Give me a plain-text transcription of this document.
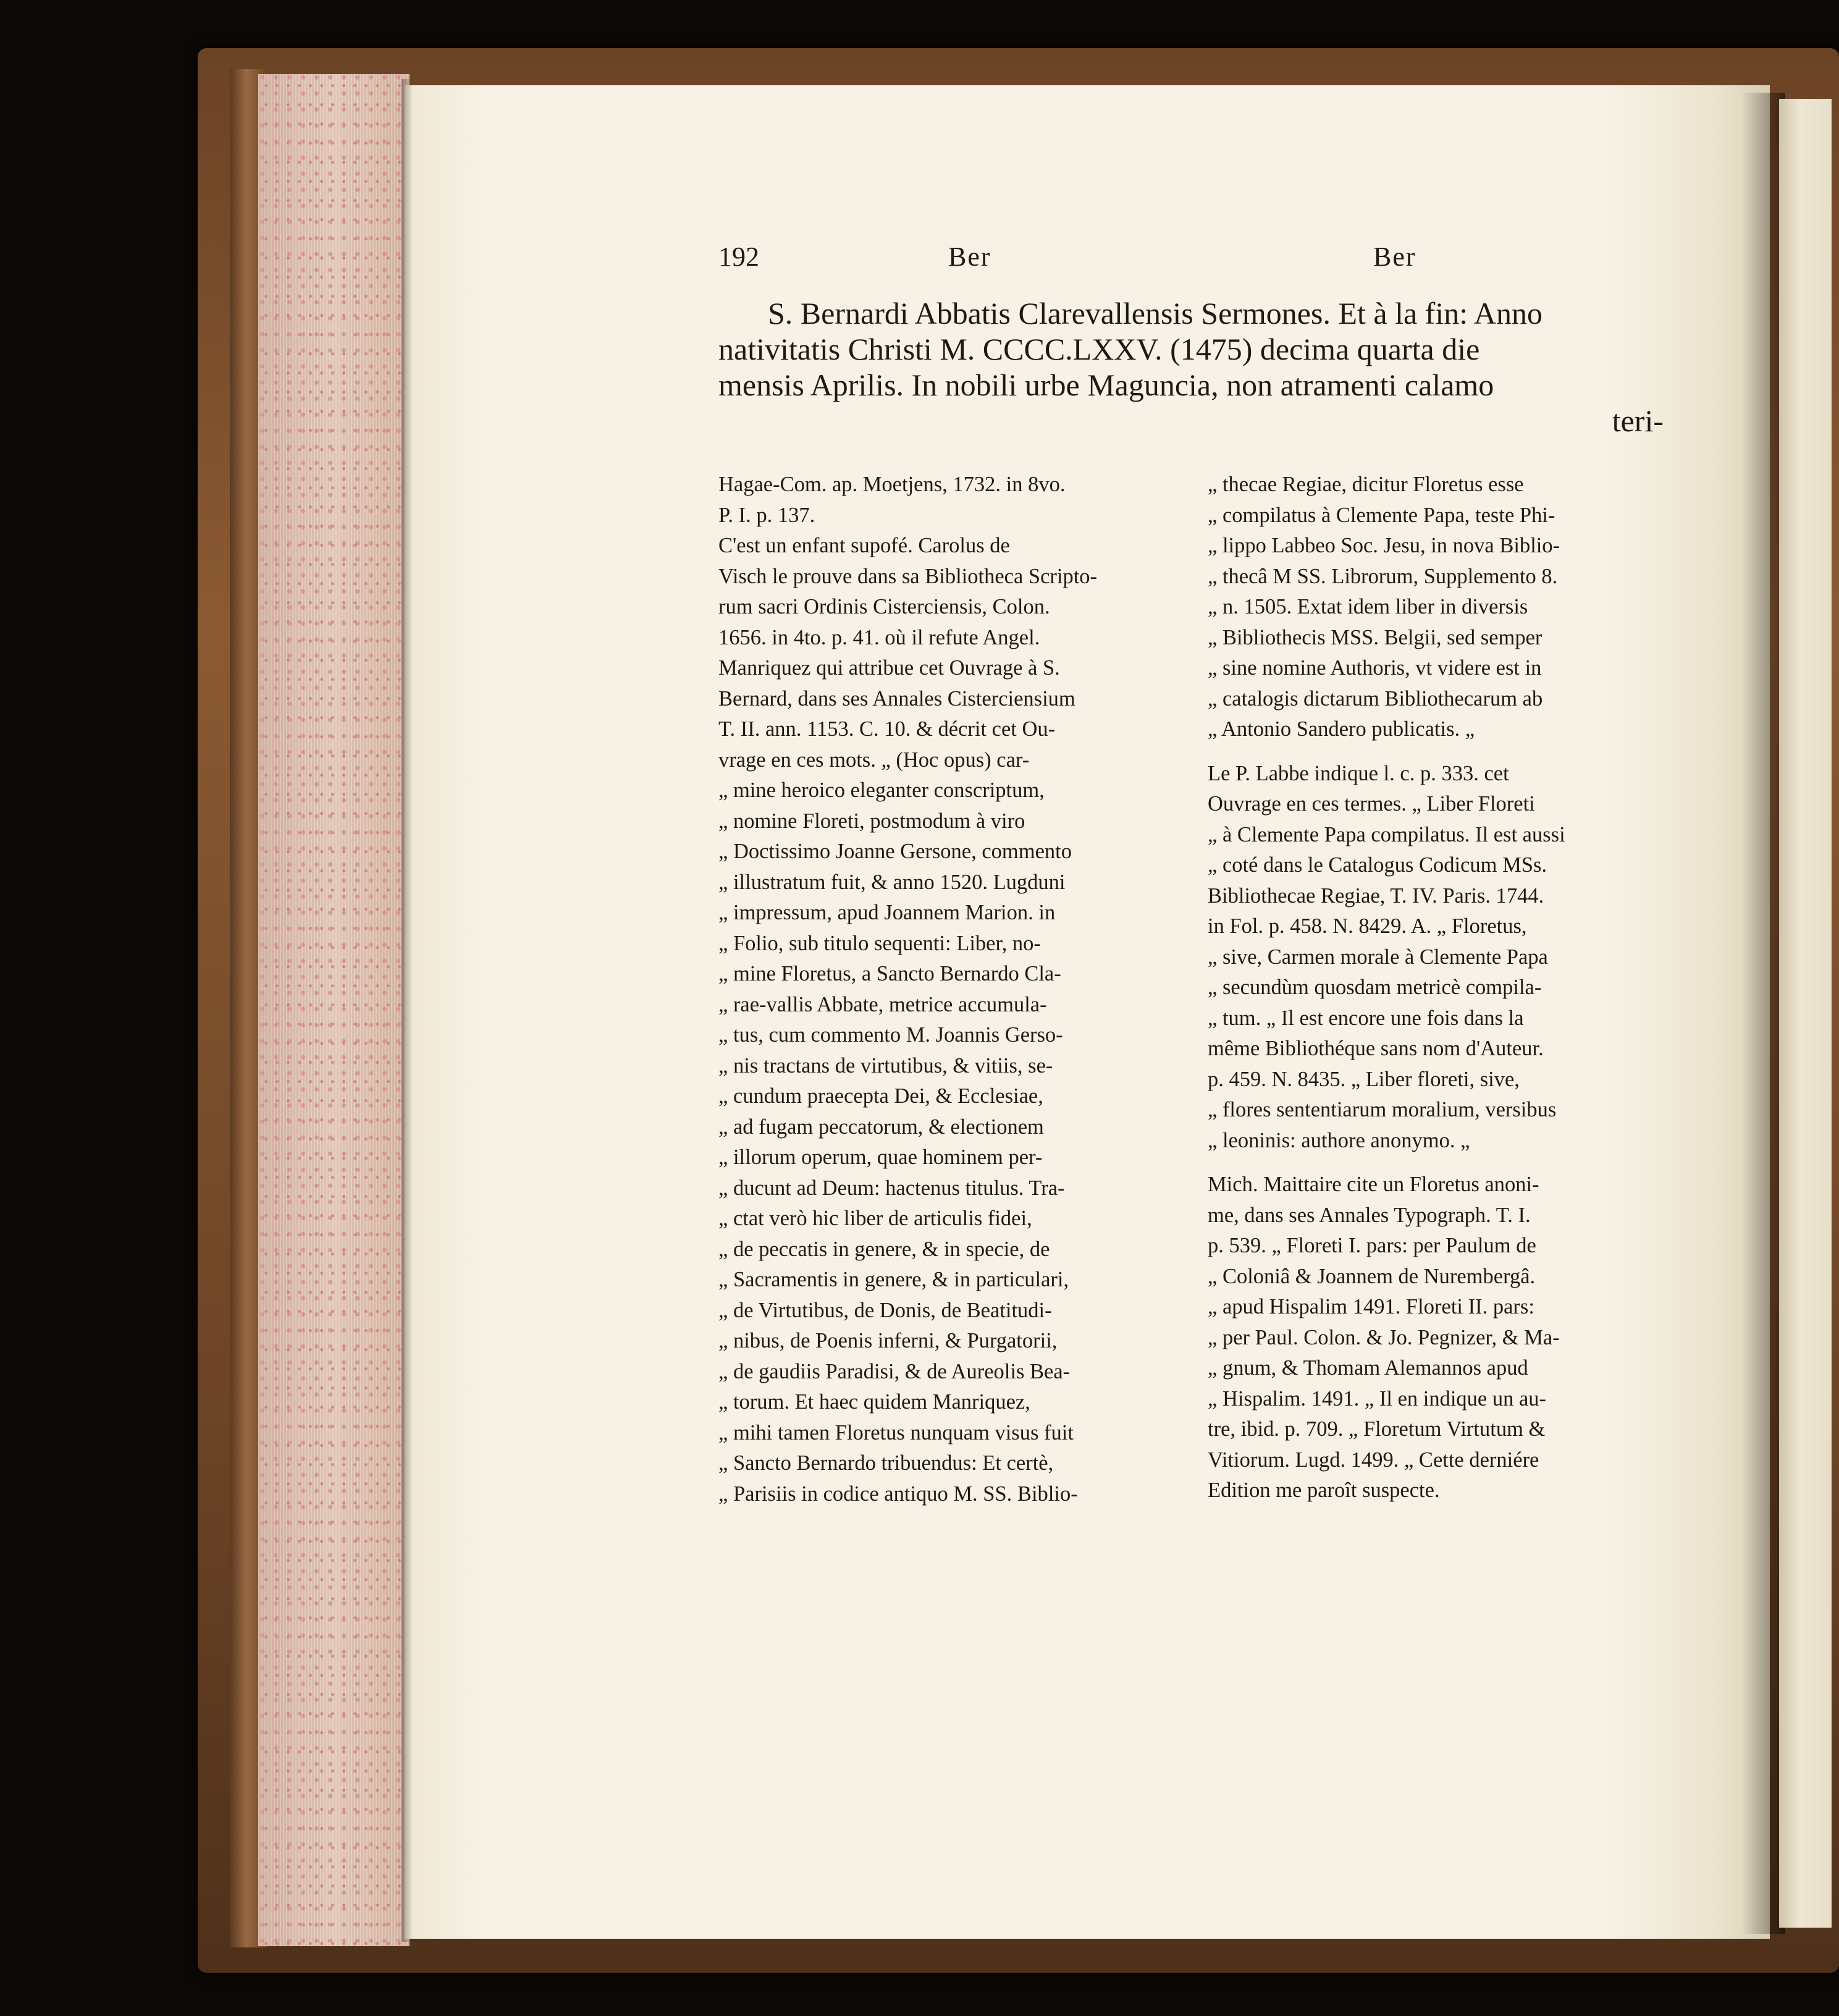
192	Ber	Ber
S. Bernardi Abbatis Clarevallensis Sermones. Et à la fin: Anno
nativitatis Christi M. CCCC.LXXV. (1475) decima quarta die
mensis Aprilis. In nobili urbe Maguncia, non atramenti calamo
teri-
Hagae-Com. ap. Moetjens, 1732. in 8vo.
P. I. p. 137.
C'est un enfant supofé. Carolus de
Visch le prouve dans sa Bibliotheca Scripto-
rum sacri Ordinis Cisterciensis, Colon.
1656. in 4to. p. 41. où il refute Angel.
Manriquez qui attribue cet Ouvrage à S.
Bernard, dans ses Annales Cisterciensium
T. II. ann. 1153. C. 10. & décrit cet Ou-
vrage en ces mots. „ (Hoc opus) car-
„ mine heroico eleganter conscriptum,
„ nomine Floreti, postmodum à viro
„ Doctissimo Joanne Gersone, commento
„ illustratum fuit, & anno 1520. Lugduni
„ impressum, apud Joannem Marion. in
„ Folio, sub titulo sequenti: Liber, no-
„ mine Floretus, a Sancto Bernardo Cla-
„ rae-vallis Abbate, metrice accumula-
„ tus, cum commento M. Joannis Gerso-
„ nis tractans de virtutibus, & vitiis, se-
„ cundum praecepta Dei, & Ecclesiae,
„ ad fugam peccatorum, & electionem
„ illorum operum, quae hominem per-
„ ducunt ad Deum: hactenus titulus. Tra-
„ ctat verò hic liber de articulis fidei,
„ de peccatis in genere, & in specie, de
„ Sacramentis in genere, & in particulari,
„ de Virtutibus, de Donis, de Beatitudi-
„ nibus, de Poenis inferni, & Purgatorii,
„ de gaudiis Paradisi, & de Aureolis Bea-
„ torum. Et haec quidem Manriquez,
„ mihi tamen Floretus nunquam visus fuit
„ Sancto Bernardo tribuendus: Et certè,
„ Parisiis in codice antiquo M. SS. Biblio-
„ thecae Regiae, dicitur Floretus esse
„ compilatus à Clemente Papa, teste Phi-
„ lippo Labbeo Soc. Jesu, in nova Biblio-
„ thecâ M SS. Librorum, Supplemento 8.
„ n. 1505. Extat idem liber in diversis
„ Bibliothecis MSS. Belgii, sed semper
„ sine nomine Authoris, vt videre est in
„ catalogis dictarum Bibliothecarum ab
„ Antonio Sandero publicatis. „
Le P. Labbe indique l. c. p. 333. cet
Ouvrage en ces termes. „ Liber Floreti
„ à Clemente Papa compilatus. Il est aussi
„ coté dans le Catalogus Codicum MSs.
Bibliothecae Regiae, T. IV. Paris. 1744.
in Fol. p. 458. N. 8429. A. „ Floretus,
„ sive, Carmen morale à Clemente Papa
„ secundùm quosdam metricè compila-
„ tum. „ Il est encore une fois dans la
même Bibliothéque sans nom d'Auteur.
p. 459. N. 8435. „ Liber floreti, sive,
„ flores sententiarum moralium, versibus
„ leoninis: authore anonymo. „
Mich. Maittaire cite un Floretus anoni-
me, dans ses Annales Typograph. T. I.
p. 539. „ Floreti I. pars: per Paulum de
„ Coloniâ & Joannem de Nurembergâ.
„ apud Hispalim 1491. Floreti II. pars:
„ per Paul. Colon. & Jo. Pegnizer, & Ma-
„ gnum, & Thomam Alemannos apud
„ Hispalim. 1491. „ Il en indique un au-
tre, ibid. p. 709. „ Floretum Virtutum &
Vitiorum. Lugd. 1499. „ Cette derniére
Edition me paroît suspecte.
